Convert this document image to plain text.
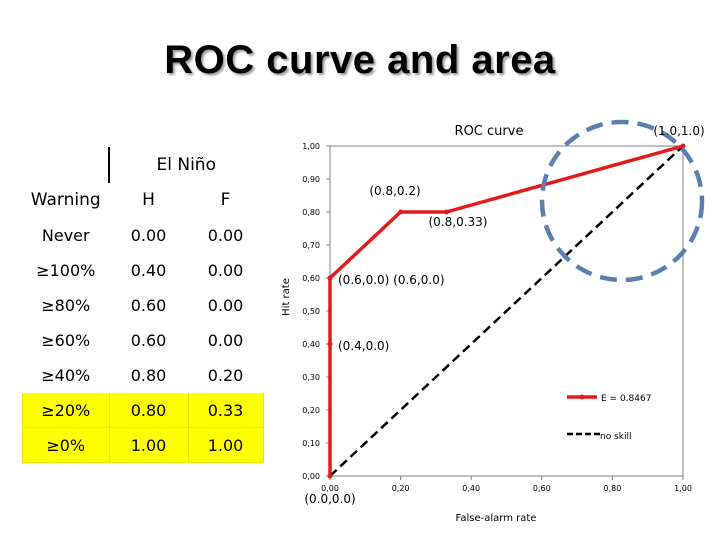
ROC curve and area
	El Niño	
Warning	H	F
Never	0.00	0.00
≥100%	0.40	0.00
≥80%	0.60	0.00
≥60%	0.60	0.00
≥40%	0.80	0.20
≥20%	0.80	0.33
≥0%	1.00	1.00
0,00
0,10
0,20
0,30
0,40
0,50
0,60
0,70
0,80
0,90
1,00
0,00	0,20	0,40	0,60	0,80	1,00
(1.0,1.0)
(0.8,0.2)
(0.8,0.33)
(0.6,0.0) (0.6,0.0)
(0.4,0.0)
(0.0,0.0)
E = 0.8467
no skill
ROC curve
False-alarm rate
Hit rate
